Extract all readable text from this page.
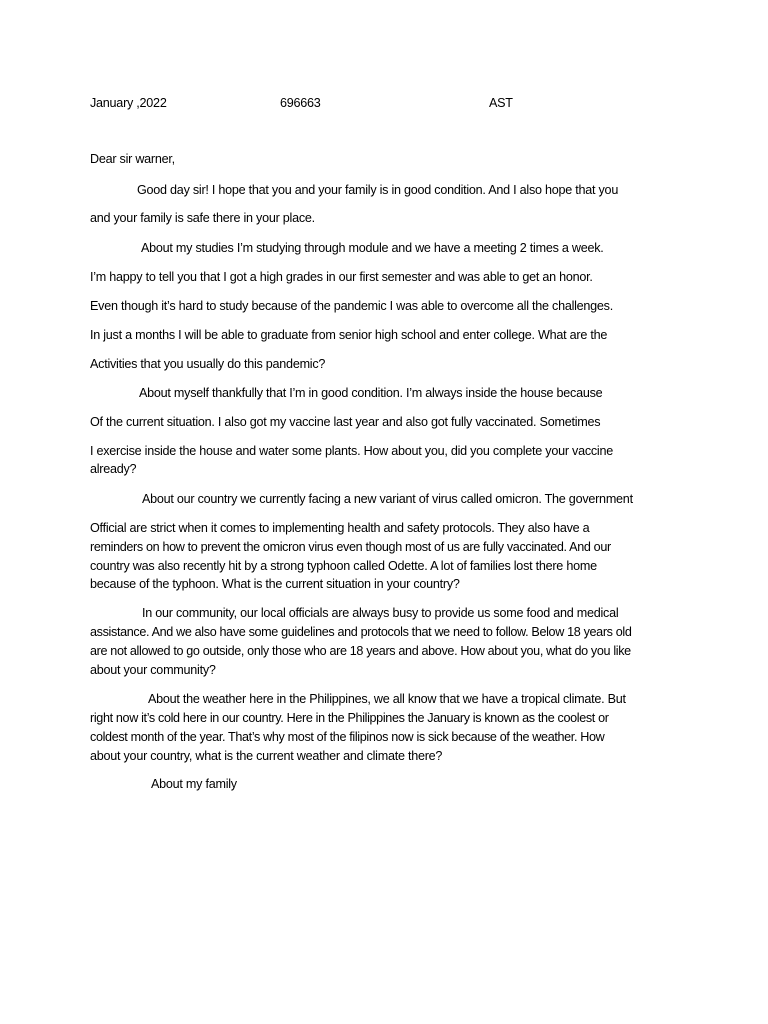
January ,2022	696663	AST
Dear sir warner,
Good day sir! I hope that you and your family is in good condition. And I also hope that you
and your family is safe there in your place.
About my studies I’m studying through module and we have a meeting 2 times a week.
I’m happy to tell you that I got a high grades in our first semester and was able to get an honor.
Even though it’s hard to study because of the pandemic I was able to overcome all the challenges.
In just a months I will be able to graduate from senior high school and enter college. What are the
Activities that you usually do this pandemic?
About myself thankfully that I’m in good condition. I’m always inside the house because
Of the current situation. I also got my vaccine last year and also got fully vaccinated. Sometimes
I exercise inside the house and water some plants. How about you, did you complete your vaccine
already?
About our country we currently facing a new variant of virus called omicron. The government
Official are strict when it comes to implementing health and safety protocols. They also have a
reminders on how to prevent the omicron virus even though most of us are fully vaccinated. And our
country was also recently hit by a strong typhoon called Odette. A lot of families lost there home
because of the typhoon. What is the current situation in your country?
In our community, our local officials are always busy to provide us some food and medical
assistance. And we also have some guidelines and protocols that we need to follow. Below 18 years old
are not allowed to go outside, only those who are 18 years and above. How about you, what do you like
about your community?
About the weather here in the Philippines, we all know that we have a tropical climate. But
right now it’s cold here in our country. Here in the Philippines the January is known as the coolest or
coldest month of the year. That’s why most of the filipinos now is sick because of the weather. How
about your country, what is the current weather and climate there?
About my family
